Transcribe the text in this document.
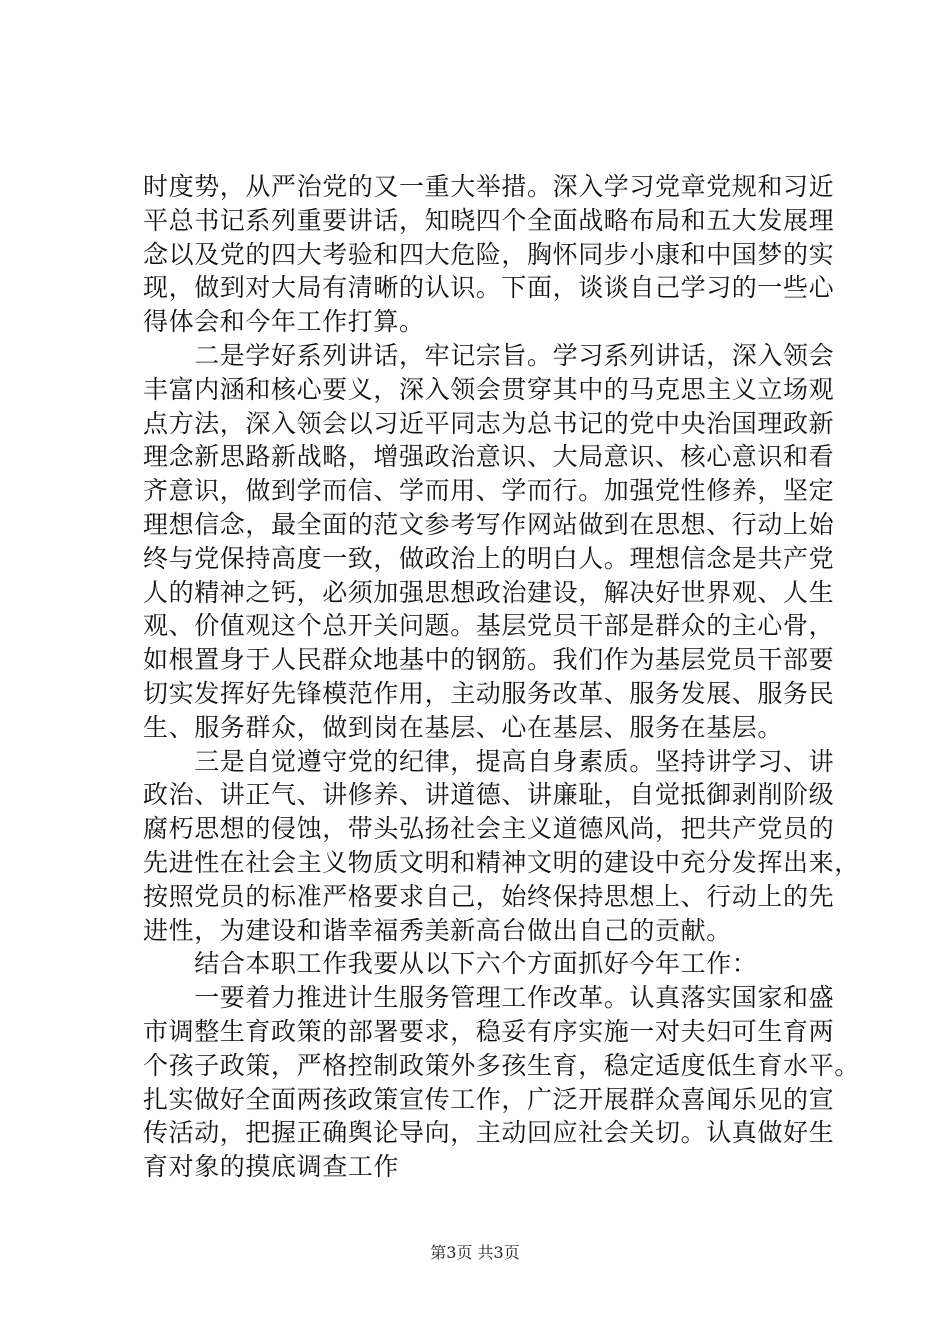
时度势，从严治党的又一重大举措。深入学习党章党规和习近
平总书记系列重要讲话，知晓四个全面战略布局和五大发展理
念以及党的四大考验和四大危险，胸怀同步小康和中国梦的实
现，做到对大局有清晰的认识。下面，谈谈自己学习的一些心
得体会和今年工作打算。
　　二是学好系列讲话，牢记宗旨。学习系列讲话，深入领会
丰富内涵和核心要义，深入领会贯穿其中的马克思主义立场观
点方法，深入领会以习近平同志为总书记的党中央治国理政新
理念新思路新战略，增强政治意识、大局意识、核心意识和看
齐意识，做到学而信、学而用、学而行。加强党性修养，坚定
理想信念，最全面的范文参考写作网站做到在思想、行动上始
终与党保持高度一致，做政治上的明白人。理想信念是共产党
人的精神之钙，必须加强思想政治建设，解决好世界观、人生
观、价值观这个总开关问题。基层党员干部是群众的主心骨，
如根置身于人民群众地基中的钢筋。我们作为基层党员干部要
切实发挥好先锋模范作用，主动服务改革、服务发展、服务民
生、服务群众，做到岗在基层、心在基层、服务在基层。
　　三是自觉遵守党的纪律，提高自身素质。坚持讲学习、讲
政治、讲正气、讲修养、讲道德、讲廉耻，自觉抵御剥削阶级
腐朽思想的侵蚀，带头弘扬社会主义道德风尚，把共产党员的
先进性在社会主义物质文明和精神文明的建设中充分发挥出来，
按照党员的标准严格要求自己，始终保持思想上、行动上的先
进性，为建设和谐幸福秀美新高台做出自己的贡献。
　　结合本职工作我要从以下六个方面抓好今年工作：
　　一要着力推进计生服务管理工作改革。认真落实国家和盛
市调整生育政策的部署要求，稳妥有序实施一对夫妇可生育两
个孩子政策，严格控制政策外多孩生育，稳定适度低生育水平。
扎实做好全面两孩政策宣传工作，广泛开展群众喜闻乐见的宣
传活动，把握正确舆论导向，主动回应社会关切。认真做好生
育对象的摸底调查工作
第3页 共3页
